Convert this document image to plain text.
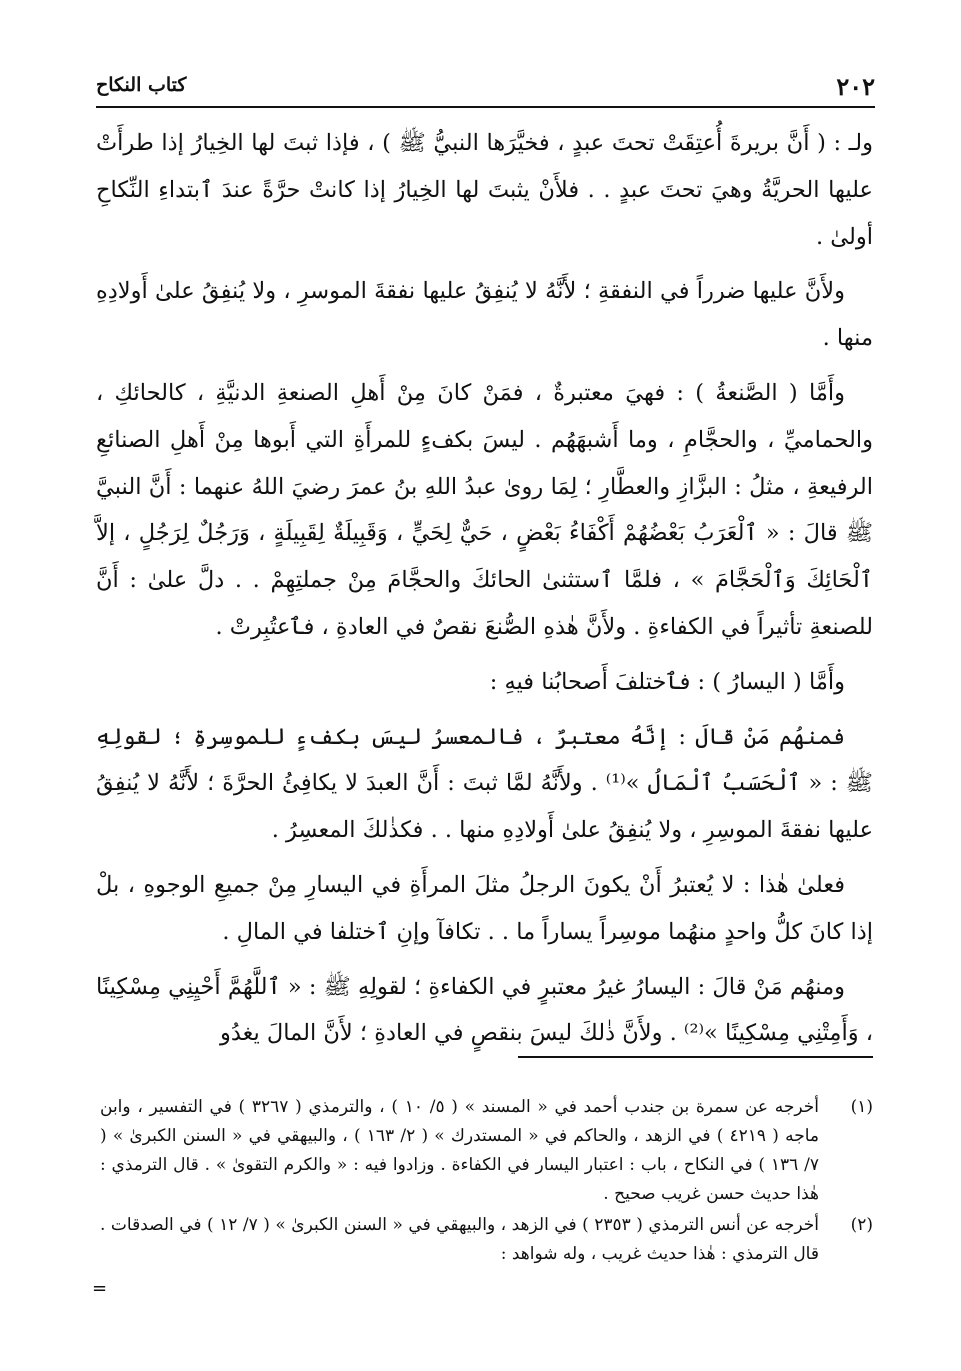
٢٠٢
كتاب النكاح

ولـ : ( أَنَّ بريرةَ أُعتِقَتْ تحتَ عبدٍ ، فخيَّرَها النبيُّ ﷺ ) ، فإذا ثبتَ لها الخِيارُ إذا طرأَتْ عليها الحريَّةُ وهيَ تحتَ عبدٍ . . فلأَنْ يثبتَ لها الخِيارُ إذا كانتْ حرَّةً عندَ ٱبتداءِ النِّكاحِ أولىٰ .

ولأَنَّ عليها ضرراً في النفقةِ ؛ لأَنَّهُ لا يُنفِقُ عليها نفقةَ الموسرِ ، ولا يُنفِقُ علىٰ أَولادِهِ منها .

وأَمَّا ( الصَّنعةُ ) : فهيَ معتبرةٌ ، فمَنْ كانَ مِنْ أَهلِ الصنعةِ الدنيَّةِ ، كالحائكِ ، والحماميِّ ، والحجَّامِ ، وما أَشبهَهُم . ليسَ بكفءٍ للمرأَةِ التي أَبوها مِنْ أَهلِ الصنائعِ الرفيعةِ ، مثلُ : البزَّازِ والعطَّارِ ؛ لِمَا روىٰ عبدُ اللهِ بنُ عمرَ رضيَ اللهُ عنهما : أَنَّ النبيَّ ﷺ قالَ : « ٱلْعَرَبُ بَعْضُهُمْ أَكْفَاءُ بَعْضٍ ، حَيٌّ لِحَيٍّ ، وَقَبِيلَةٌ لِقَبِيلَةٍ ، وَرَجُلٌ لِرَجُلٍ ، إلاَّ ٱلْحَائِكَ وَٱلْحَجَّامَ » ، فلمَّا ٱستثنىٰ الحائكَ والحجَّامَ مِنْ جملتِهِمْ . . دلَّ علىٰ : أَنَّ للصنعةِ تأثيراً في الكفاءةِ . ولأَنَّ هٰذهِ الصُّنعَ نقصٌ في العادةِ ، فٱعتُبِرتْ .

وأَمَّا ( اليسارُ ) : فٱختلفَ أَصحابُنا فيهِ :

فمنهُم مَنْ قالَ : إنَّهُ معتبرٌ ، فالمعسرُ ليسَ بكفءٍ للموسِرةِ ؛ لقولِهِ ﷺ : « ٱلْحَسَبُ ٱلْمَالُ »⁽¹⁾ . ولأَنَّهُ لمَّا ثبتَ : أَنَّ العبدَ لا يكافِئُ الحرَّةَ ؛ لأَنَّهُ لا يُنفِقُ عليها نفقةَ الموسِرِ ، ولا يُنفِقُ علىٰ أَولادِهِ منها . . فكذٰلكَ المعسِرُ .

فعلىٰ هٰذا : لا يُعتبرُ أَنْ يكونَ الرجلُ مثلَ المرأَةِ في اليسارِ مِنْ جميعِ الوجوهِ ، بلْ إذا كانَ كلُّ واحدٍ منهُما موسِراً يساراً ما . . تكافآ وإنِ ٱختلفا في المالِ .

ومنهُم مَنْ قالَ : اليسارُ غيرُ معتبرٍ في الكفاءةِ ؛ لقولِهِ ﷺ : « ٱللَّهُمَّ أَحْيِنِي مِسْكِينًا ، وَأَمِتْنِي مِسْكِينًا »⁽²⁾ . ولأَنَّ ذٰلكَ ليسَ بنقصٍ في العادةِ ؛ لأَنَّ المالَ يغدُو

(١)
أخرجه عن سمرة بن جندب أحمد في « المسند » ( ٥/ ١٠ ) ، والترمذي ( ٣٢٦٧ ) في التفسير ، وابن ماجه ( ٤٢١٩ ) في الزهد ، والحاكم في « المستدرك » ( ٢/ ١٦٣ ) ، والبيهقي في « السنن الكبرىٰ » ( ٧/ ١٣٦ ) في النكاح ، باب : اعتبار اليسار في الكفاءة . وزادوا فيه : « والكرم التقوىٰ » . قال الترمذي : هٰذا حديث حسن غريب صحيح .
(٢)
أخرجه عن أنس الترمذي ( ٢٣٥٣ ) في الزهد ، والبيهقي في « السنن الكبرىٰ » ( ٧/ ١٢ ) في الصدقات . قال الترمذي : هٰذا حديث غريب ، وله شواهد :
=
